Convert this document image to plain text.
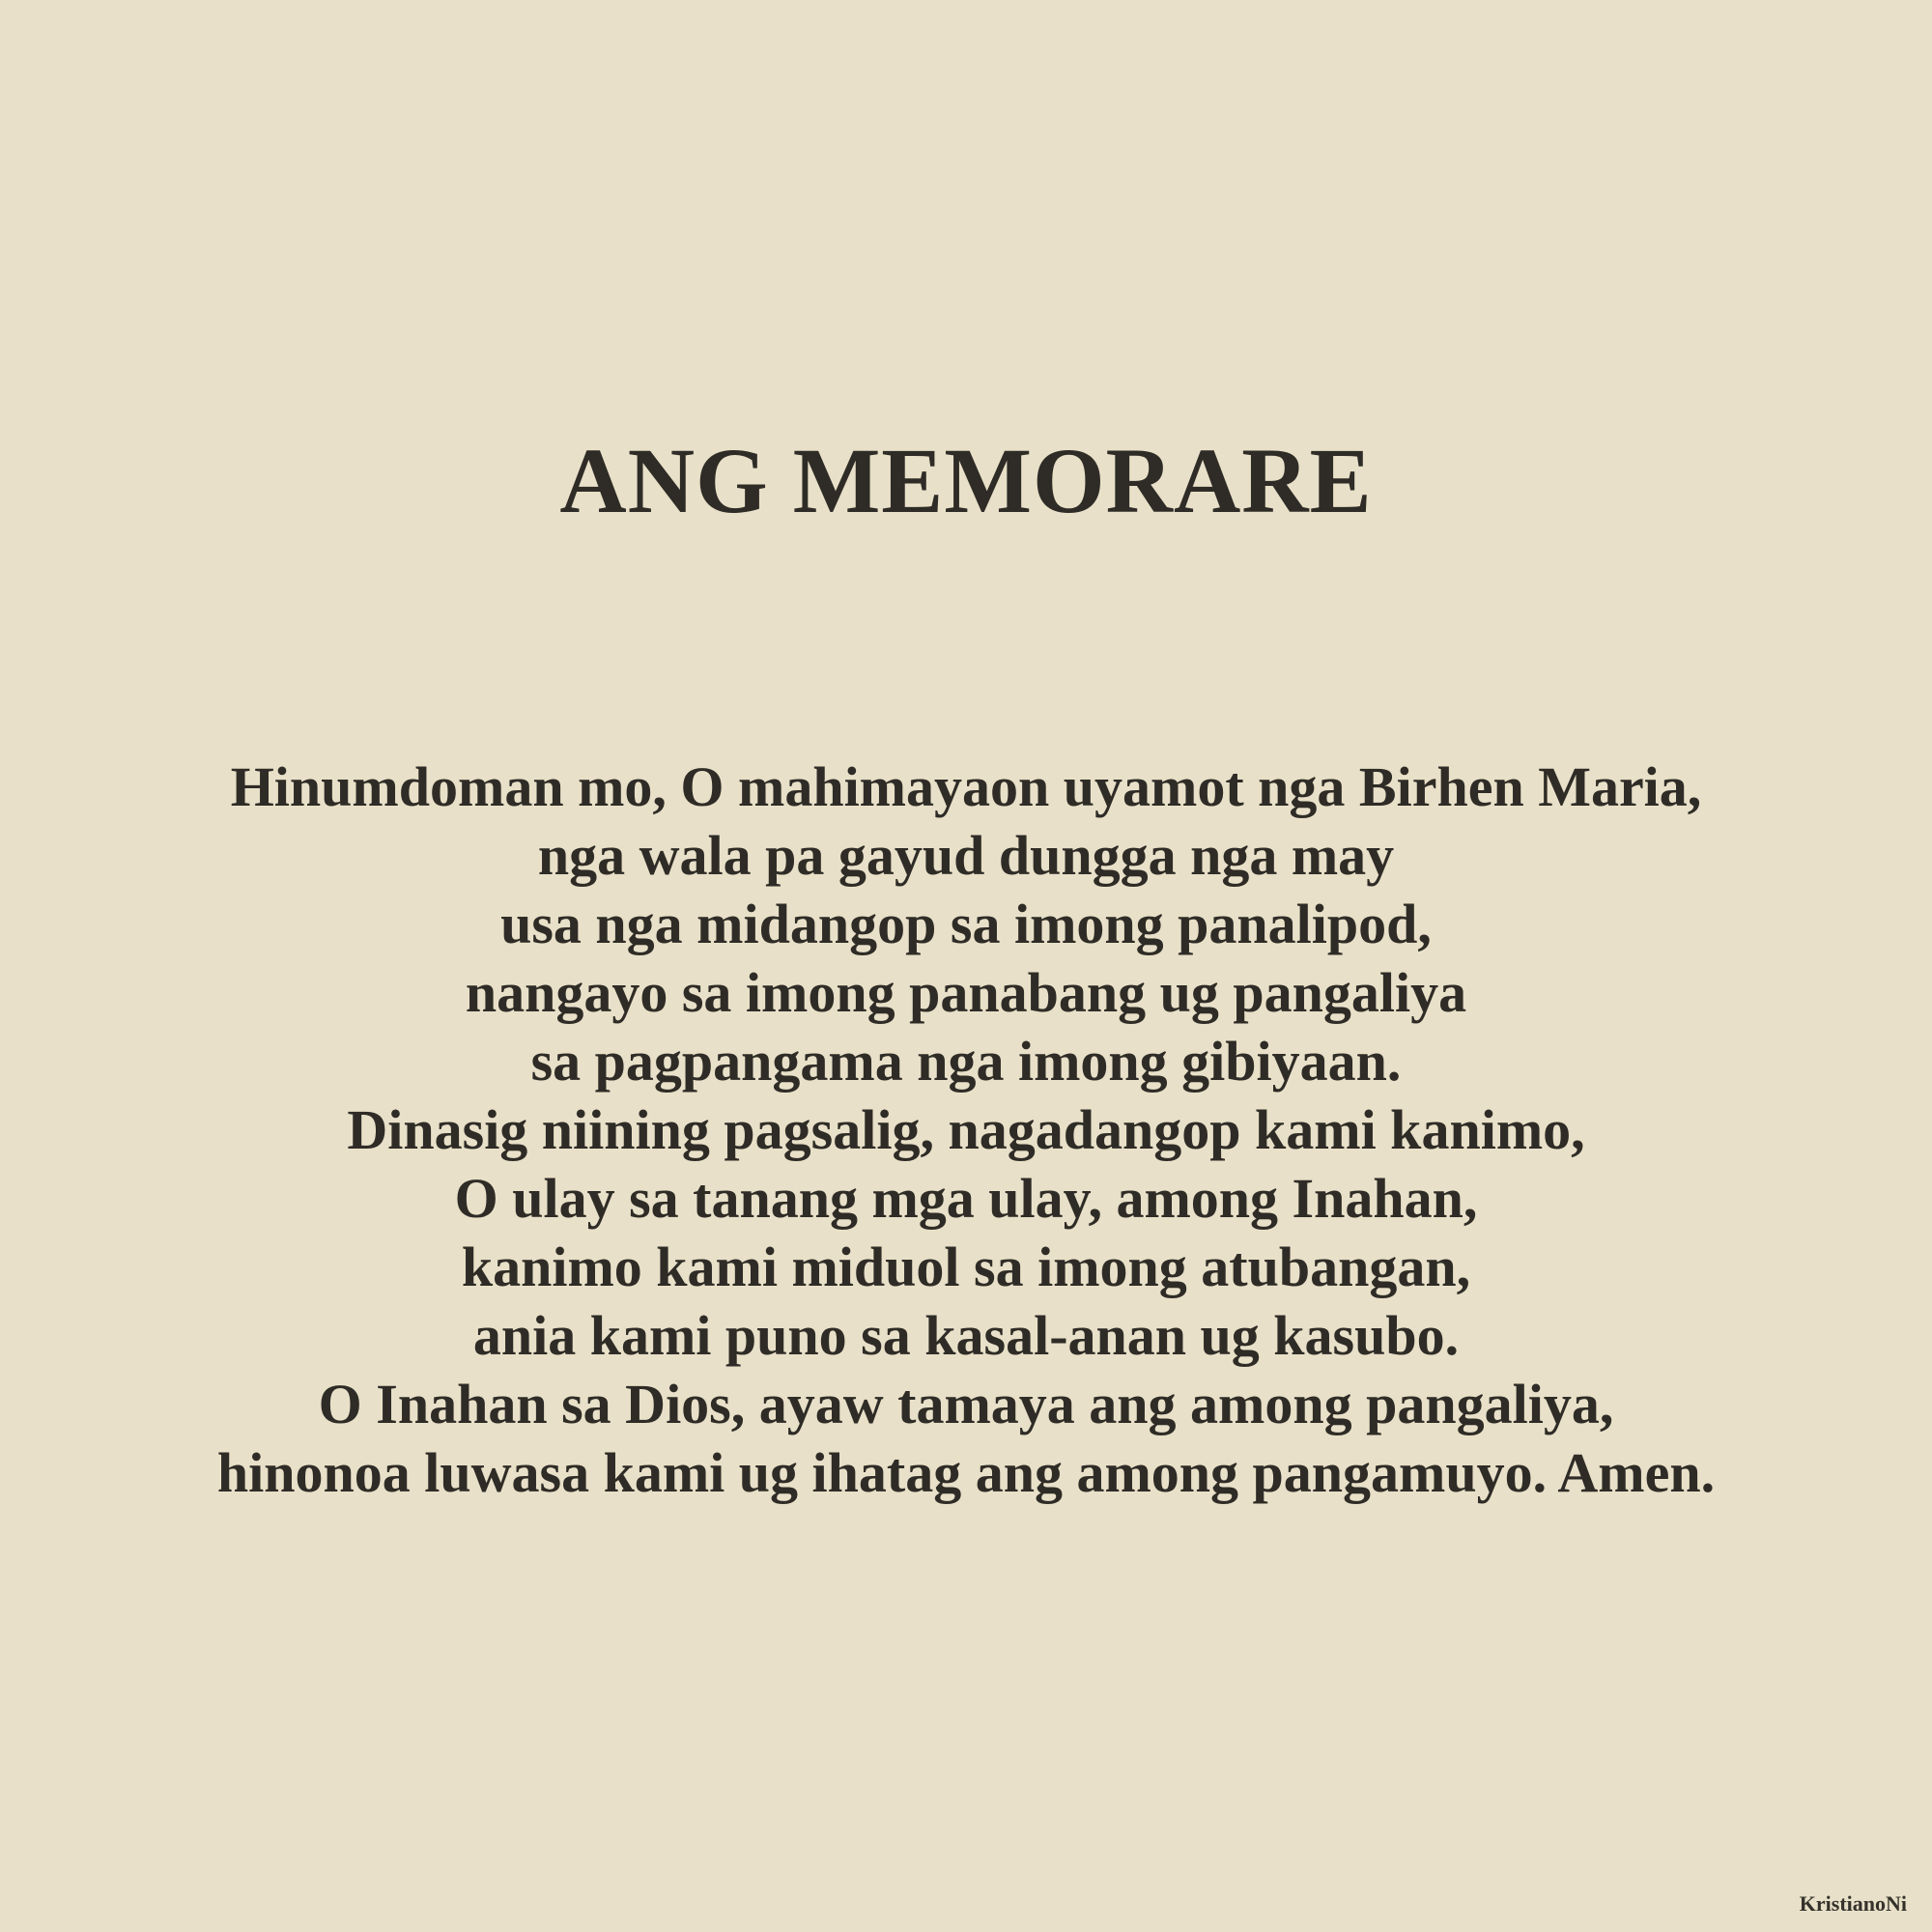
ANG MEMORARE
Hinumdoman mo, O mahimayaon uyamot nga Birhen Maria,
nga wala pa gayud dungga nga may
usa nga midangop sa imong panalipod,
nangayo sa imong panabang ug pangaliya
sa pagpangama nga imong gibiyaan.
Dinasig niining pagsalig, nagadangop kami kanimo,
O ulay sa tanang mga ulay, among Inahan,
kanimo kami miduol sa imong atubangan,
ania kami puno sa kasal-anan ug kasubo.
O Inahan sa Dios, ayaw tamaya ang among pangaliya,
hinonoa luwasa kami ug ihatag ang among pangamuyo. Amen.
KristianoNi
